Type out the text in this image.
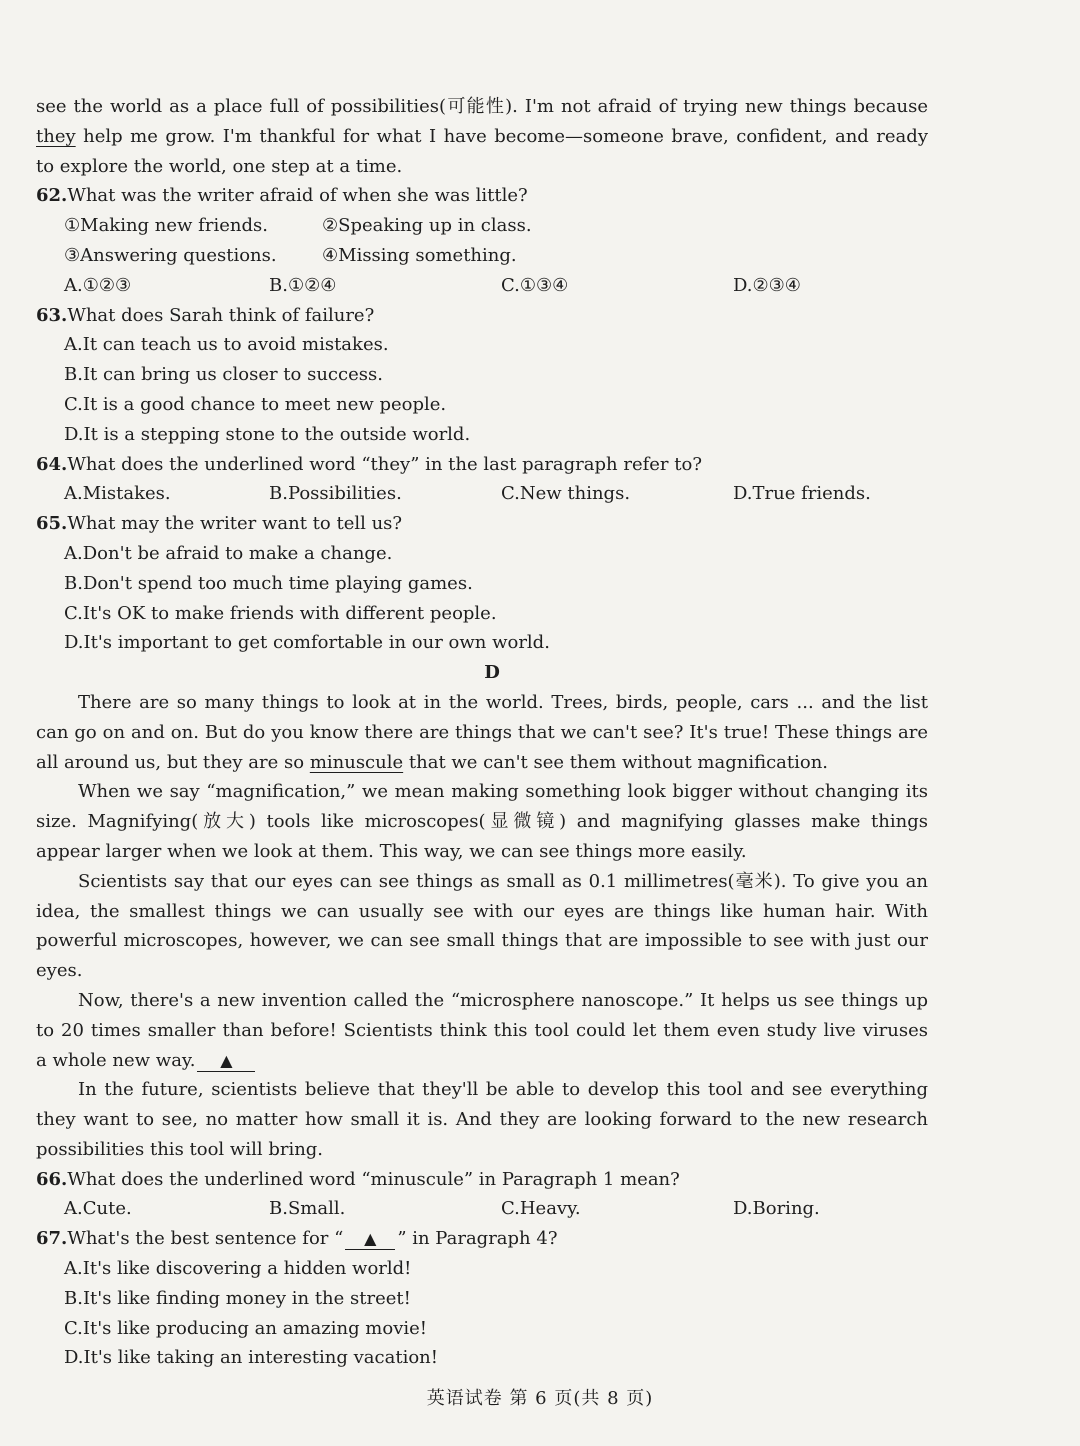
see the world as a place full of possibilities(可能性). I'm not afraid of trying new things because
they help me grow. I'm thankful for what I have become—someone brave, confident, and ready
to explore the world, one step at a time.
62.What was the writer afraid of when she was little?
①Making new friends.	②Speaking up in class.
③Answering questions.	④Missing something.
A.①②③	B.①②④	C.①③④	D.②③④
63.What does Sarah think of failure?
A.It can teach us to avoid mistakes.
B.It can bring us closer to success.
C.It is a good chance to meet new people.
D.It is a stepping stone to the outside world.
64.What does the underlined word “they” in the last paragraph refer to?
A.Mistakes.	B.Possibilities.	C.New things.	D.True friends.
65.What may the writer want to tell us?
A.Don't be afraid to make a change.
B.Don't spend too much time playing games.
C.It's OK to make friends with different people.
D.It's important to get comfortable in our own world.
D
There are so many things to look at in the world. Trees, birds, people, cars ... and the list
can go on and on. But do you know there are things that we can't see? It's true! These things are
all around us, but they are so minuscule that we can't see them without magnification.
When we say “magnification,” we mean making something look bigger without changing its
size. Magnifying(放大) tools like microscopes(显微镜) and magnifying glasses make things
appear larger when we look at them. This way, we can see things more easily.
Scientists say that our eyes can see things as small as 0.1 millimetres(毫米). To give you an
idea, the smallest things we can usually see with our eyes are things like human hair. With
powerful microscopes, however, we can see small things that are impossible to see with just our
eyes.
Now, there's a new invention called the “microsphere nanoscope.” It helps us see things up
to 20 times smaller than before! Scientists think this tool could let them even study live viruses
a whole new way. ▲
In the future, scientists believe that they'll be able to develop this tool and see everything
they want to see, no matter how small it is. And they are looking forward to the new research
possibilities this tool will bring.
66.What does the underlined word “minuscule” in Paragraph 1 mean?
A.Cute.	B.Small.	C.Heavy.	D.Boring.
67.What's the best sentence for “ ▲ ” in Paragraph 4?
A.It's like discovering a hidden world!
B.It's like finding money in the street!
C.It's like producing an amazing movie!
D.It's like taking an interesting vacation!
英语试卷 第 6 页(共 8 页)
